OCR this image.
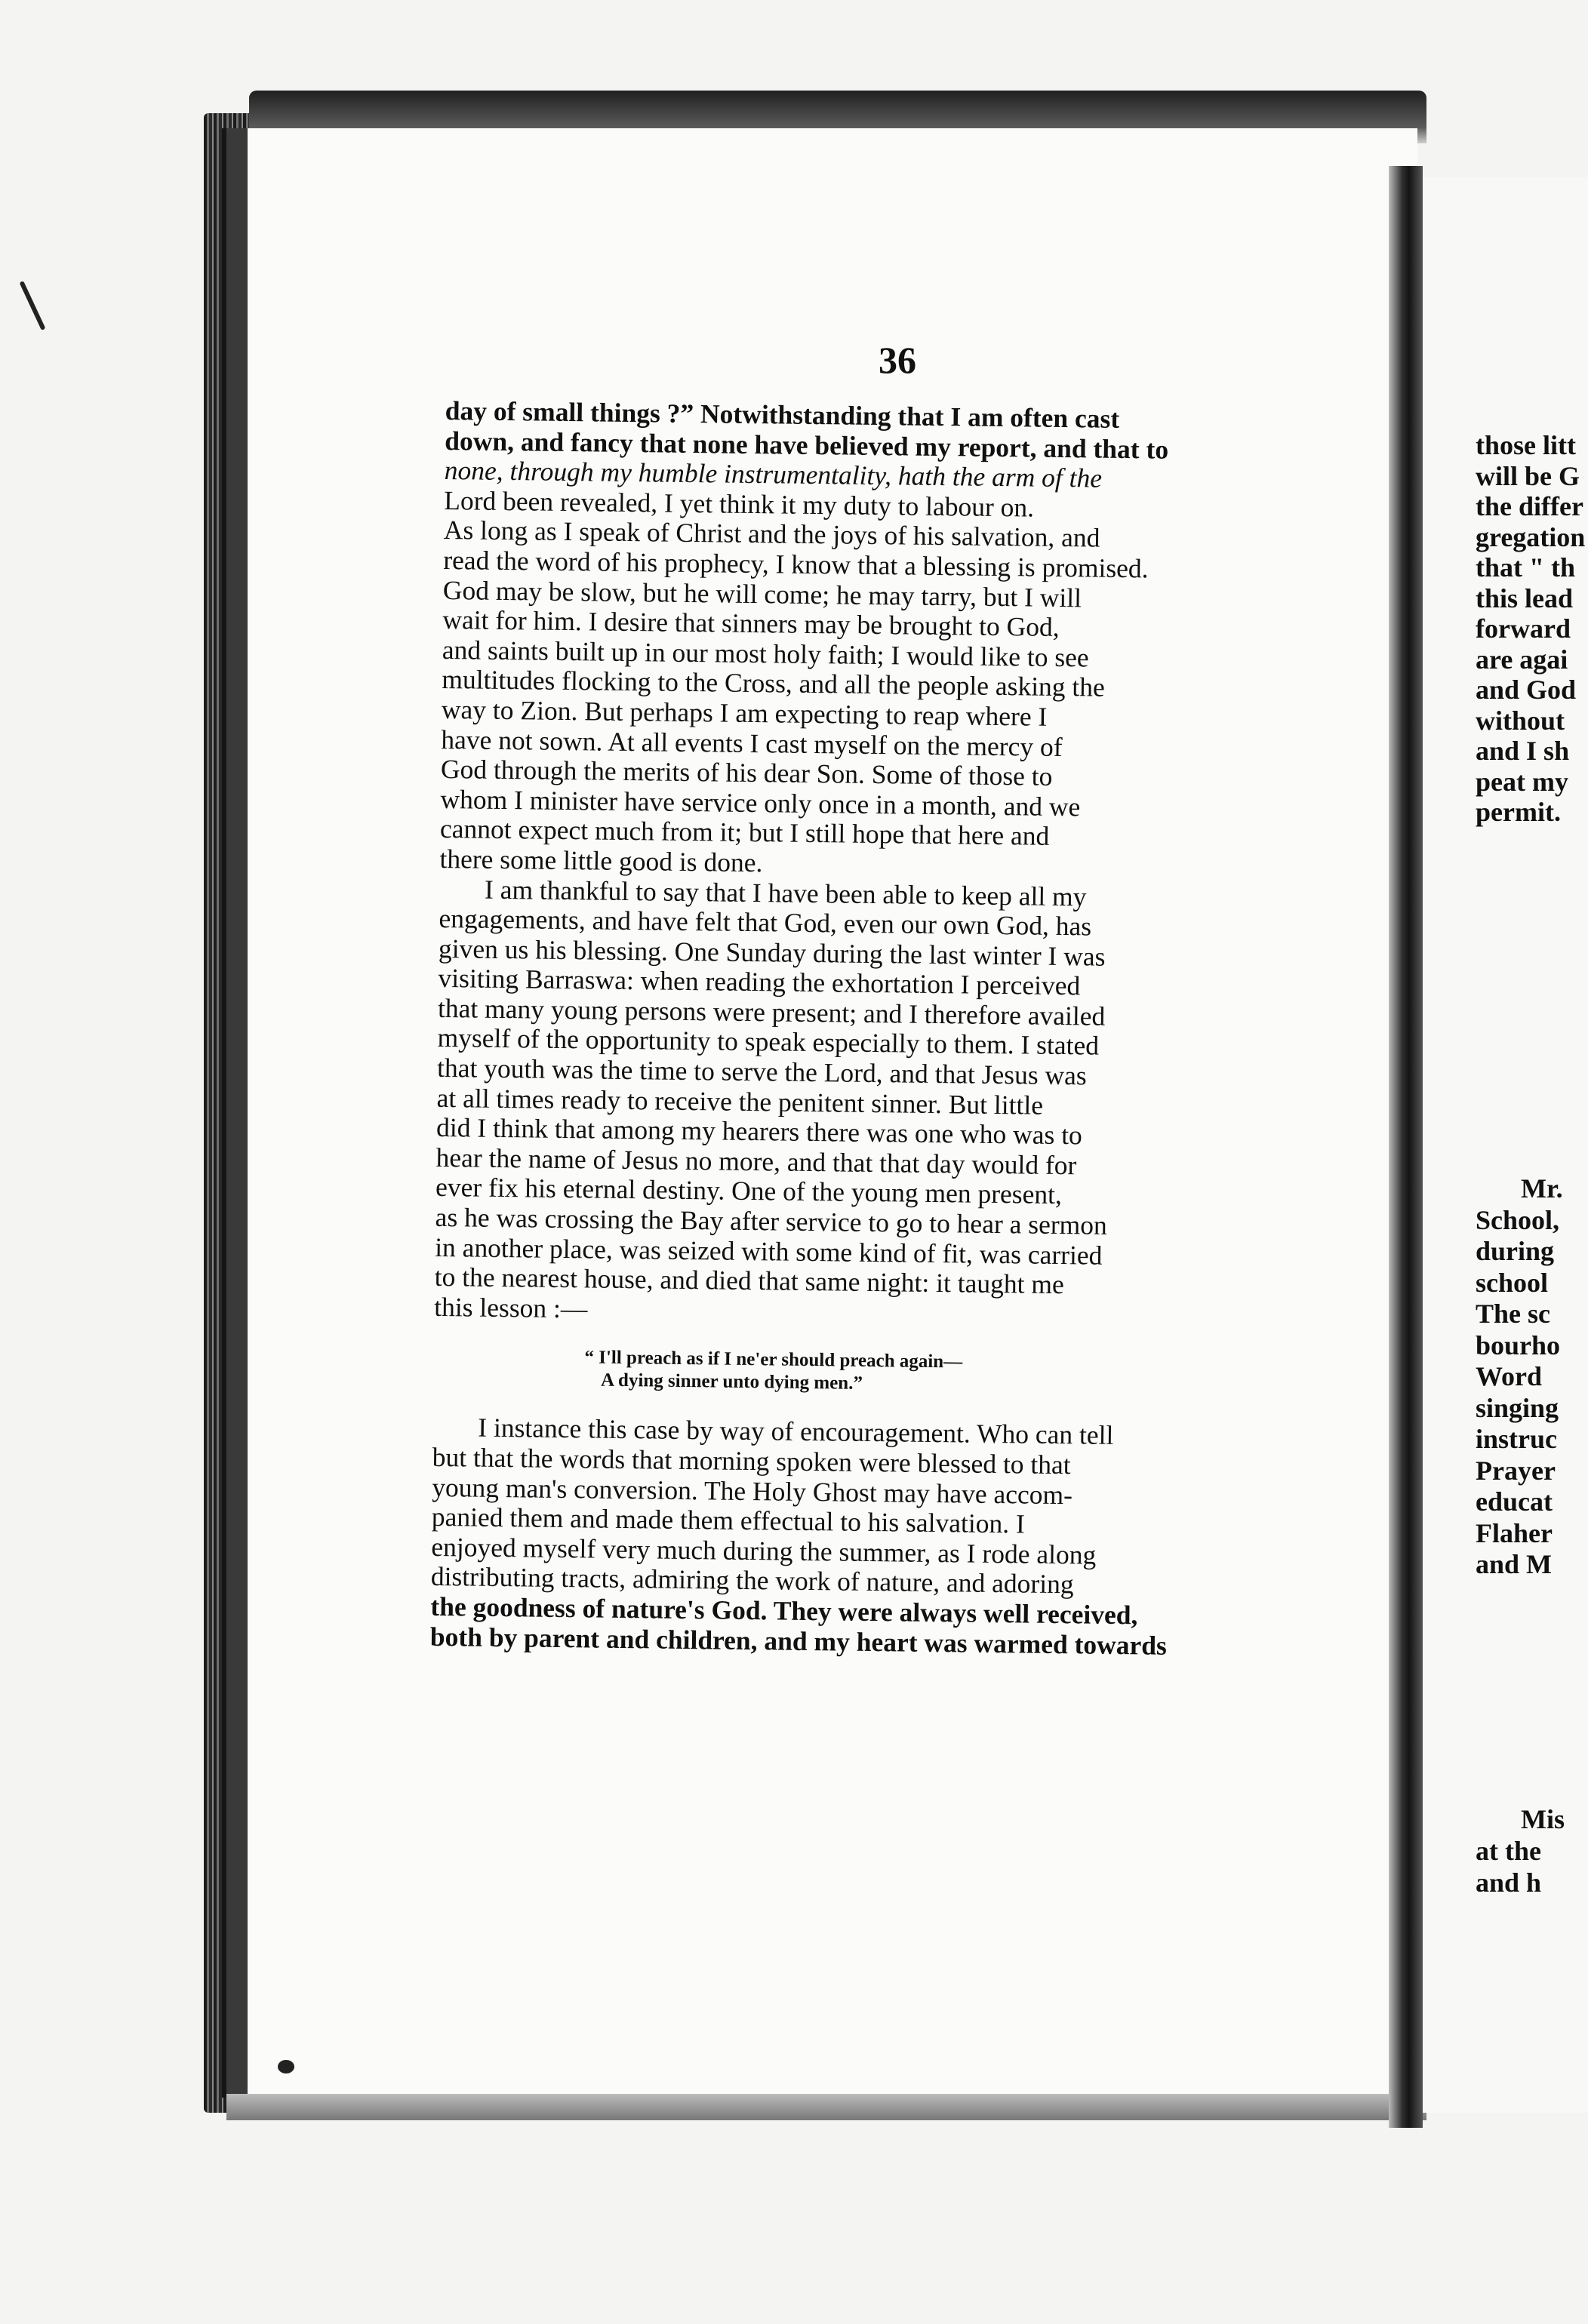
36
day of small things ?” Notwithstanding that I am often cast
down, and fancy that none have believed my report, and that to
none, through my humble instrumentality, hath the arm of the
Lord been revealed, I yet think it my duty to labour on.
As long as I speak of Christ and the joys of his salvation, and
read the word of his prophecy, I know that a blessing is promised.
God may be slow, but he will come; he may tarry, but I will
wait for him. I desire that sinners may be brought to God,
and saints built up in our most holy faith; I would like to see
multitudes flocking to the Cross, and all the people asking the
way to Zion. But perhaps I am expecting to reap where I
have not sown. At all events I cast myself on the mercy of
God through the merits of his dear Son. Some of those to
whom I minister have service only once in a month, and we
cannot expect much from it; but I still hope that here and
there some little good is done.
I am thankful to say that I have been able to keep all my
engagements, and have felt that God, even our own God, has
given us his blessing. One Sunday during the last winter I was
visiting Barraswa: when reading the exhortation I perceived
that many young persons were present; and I therefore availed
myself of the opportunity to speak especially to them. I stated
that youth was the time to serve the Lord, and that Jesus was
at all times ready to receive the penitent sinner. But little
did I think that among my hearers there was one who was to
hear the name of Jesus no more, and that that day would for
ever fix his eternal destiny. One of the young men present,
as he was crossing the Bay after service to go to hear a sermon
in another place, was seized with some kind of fit, was carried
to the nearest house, and died that same night: it taught me
this lesson :—
“ I'll preach as if I ne'er should preach again—
A dying sinner unto dying men.”
I instance this case by way of encouragement. Who can tell
but that the words that morning spoken were blessed to that
young man's conversion. The Holy Ghost may have accom-
panied them and made them effectual to his salvation. I
enjoyed myself very much during the summer, as I rode along
distributing tracts, admiring the work of nature, and adoring
the goodness of nature's God. They were always well received,
both by parent and children, and my heart was warmed towards
those litt
will be G
the differ
gregation
that " th
this lead
forward
are agai
and God
without
and I sh
peat my
permit.
Mr.
School,
during
school
The sc
bourho
Word
singing
instruc
Prayer
educat
Flaher
and M
Mis
at the
and h
